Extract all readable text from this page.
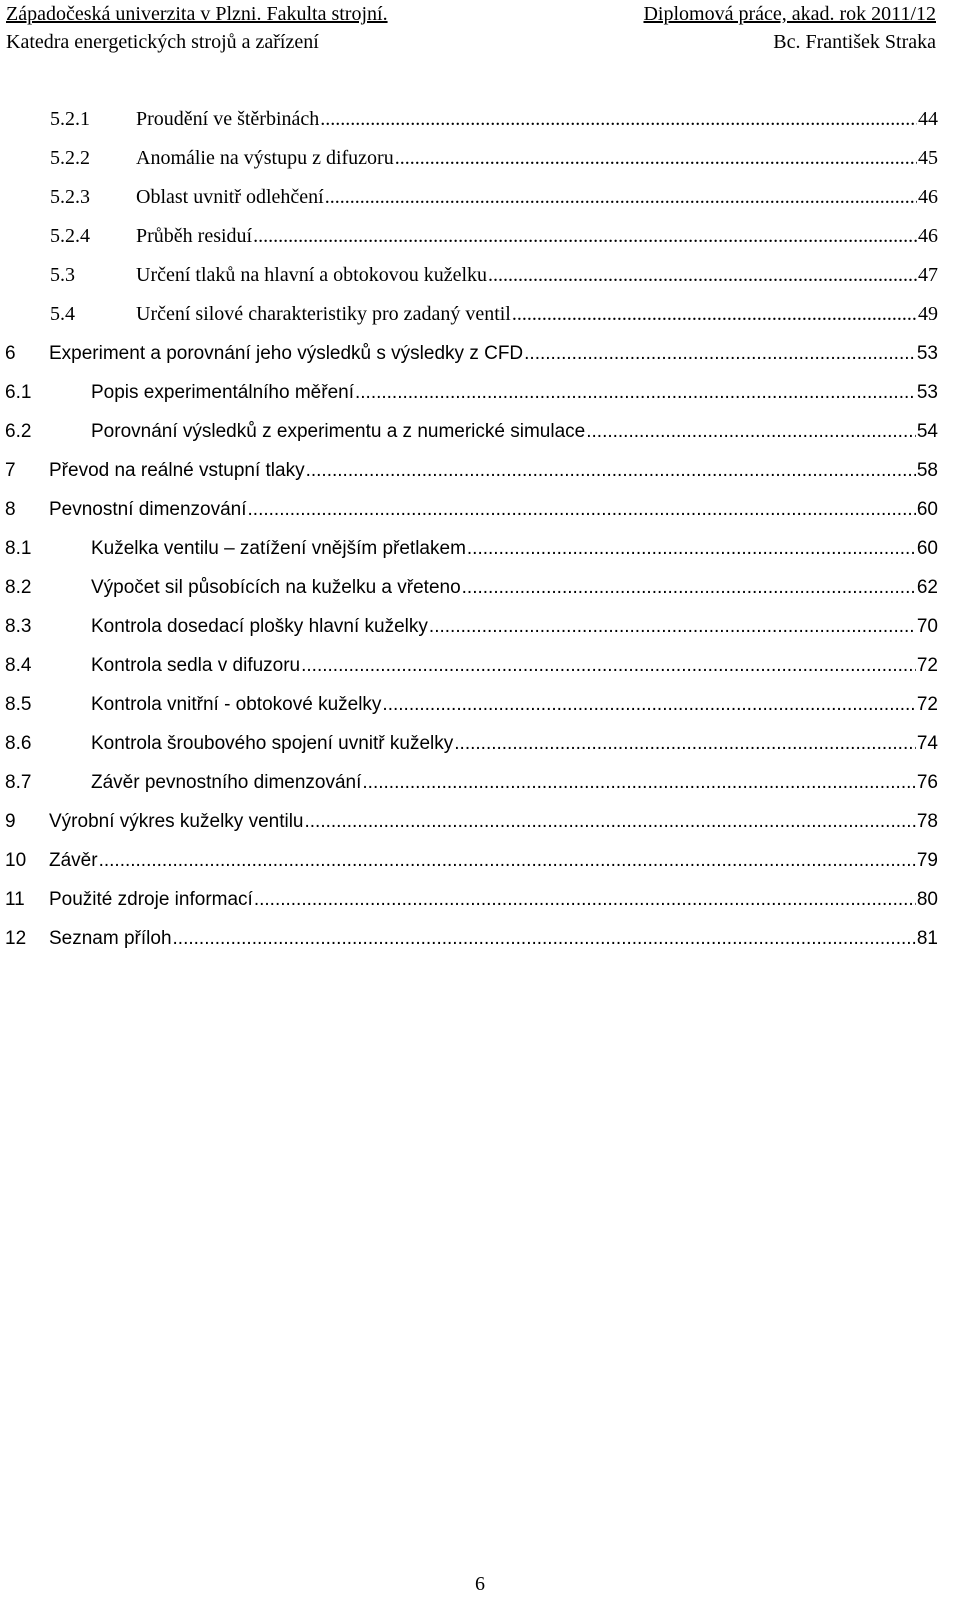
Západočeská univerzita v Plzni. Fakulta strojní.	Diplomová práce, akad. rok 2011/12
Katedra energetických strojů a zařízení	Bc. František Straka
5.2.1	Proudění ve štěrbinách .....	44
5.2.2	Anomálie na výstupu z difuzoru .....	45
5.2.3	Oblast uvnitř odlehčení .....	46
5.2.4	Průběh residuí .....	46
5.3	Určení tlaků na hlavní a obtokovou kuželku .....	47
5.4	Určení silové charakteristiky pro zadaný ventil .....	49
6	Experiment a porovnání jeho výsledků s výsledky z CFD .....	53
6.1	Popis experimentálního měření .....	53
6.2	Porovnání výsledků z experimentu a z numerické simulace .....	54
7	Převod na reálné vstupní tlaky .....	58
8	Pevnostní dimenzování .....	60
8.1	Kuželka ventilu – zatížení vnějším přetlakem .....	60
8.2	Výpočet sil působících na kuželku a vřeteno .....	62
8.3	Kontrola dosedací plošky hlavní kuželky .....	70
8.4	Kontrola sedla v difuzoru .....	72
8.5	Kontrola vnitřní - obtokové kuželky .....	72
8.6	Kontrola šroubového spojení uvnitř kuželky .....	74
8.7	Závěr pevnostního dimenzování .....	76
9	Výrobní výkres kuželky ventilu .....	78
10	Závěr .....	79
11	Použité zdroje informací .....	80
12	Seznam příloh .....	81
6
